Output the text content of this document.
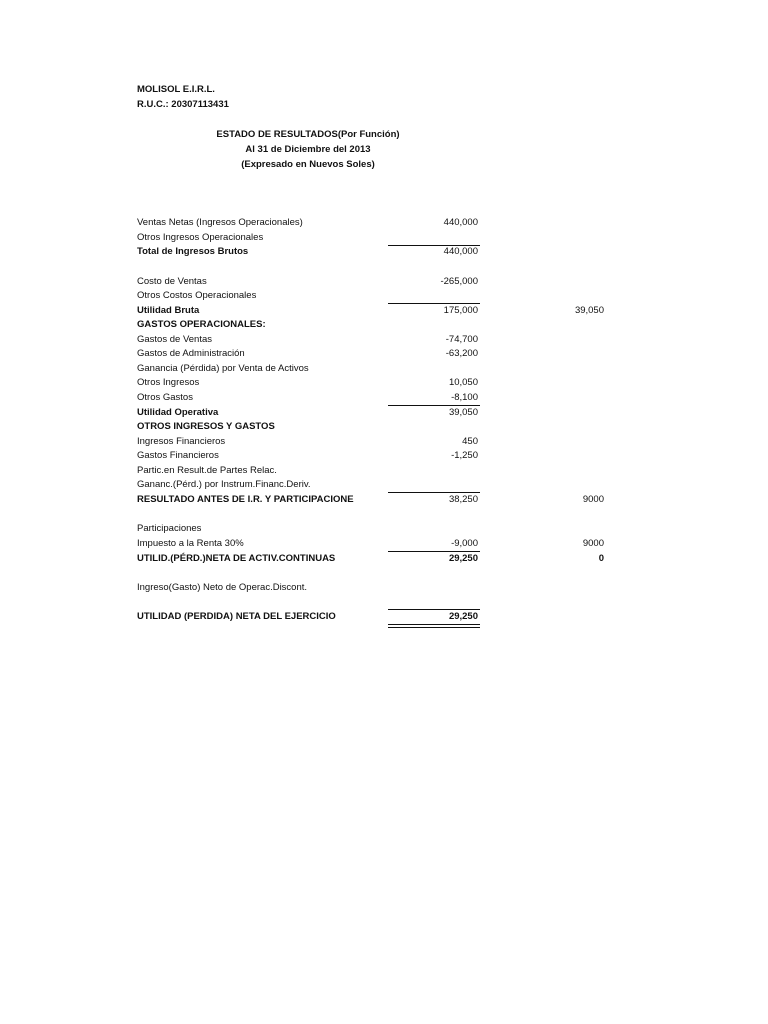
MOLISOL E.I.R.L.
R.U.C.: 20307113431
ESTADO DE RESULTADOS(Por Función)
Al 31 de Diciembre del 2013
(Expresado en Nuevos Soles)
Ventas Netas (Ingresos Operacionales)	440,000
Otros Ingresos Operacionales
Total de Ingresos Brutos	440,000
Costo de Ventas	-265,000
Otros Costos Operacionales
Utilidad Bruta	175,000	39,050
GASTOS OPERACIONALES:
Gastos de Ventas	-74,700
Gastos de Administración	-63,200
Ganancia (Pérdida) por Venta de Activos
Otros Ingresos	10,050
Otros Gastos	-8,100
Utilidad Operativa	39,050
OTROS INGRESOS Y GASTOS
Ingresos Financieros	450
Gastos Financieros	-1,250
Partic.en Result.de Partes Relac.
Gananc.(Pérd.) por Instrum.Financ.Deriv.
RESULTADO ANTES DE I.R. Y PARTICIPACIONE	38,250	9000
Participaciones
Impuesto a la Renta 30%	-9,000	9000
UTILID.(PÉRD.)NETA DE ACTIV.CONTINUAS	29,250	0
Ingreso(Gasto) Neto de Operac.Discont.
UTILIDAD (PERDIDA) NETA DEL EJERCICIO	29,250
